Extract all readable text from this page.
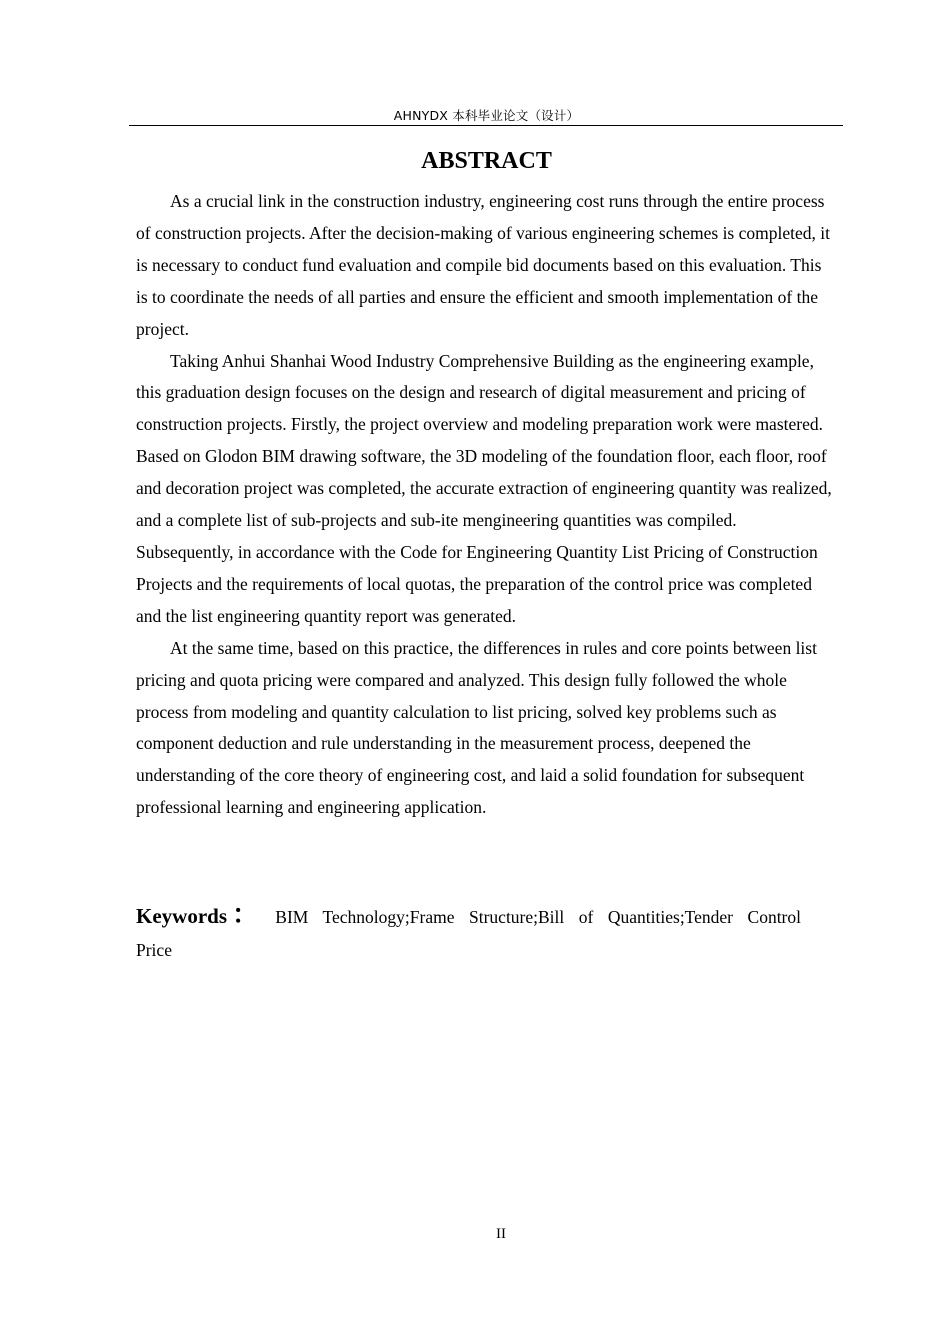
AHNYDX 本科毕业论文（设计）
ABSTRACT

As a crucial link in the construction industry, engineering cost runs through the entire process of construction projects. After the decision-making of various engineering schemes is completed, it is necessary to conduct fund evaluation and compile bid documents based on this evaluation. This is to coordinate the needs of all parties and ensure the efficient and smooth implementation of the project.

Taking Anhui Shanhai Wood Industry Comprehensive Building as the engineering example, this graduation design focuses on the design and research of digital measurement and pricing of construction projects. Firstly, the project overview and modeling preparation work were mastered. Based on Glodon BIM drawing software, the 3D modeling of the foundation floor, each floor, roof and decoration project was completed, the accurate extraction of engineering quantity was realized, and a complete list of sub-projects and sub-ite mengineering quantities was compiled. Subsequently, in accordance with the Code for Engineering Quantity List Pricing of Construction Projects and the requirements of local quotas, the preparation of the control price was completed and the list engineering quantity report was generated.

At the same time, based on this practice, the differences in rules and core points between list pricing and quota pricing were compared and analyzed. This design fully followed the whole process from modeling and quantity calculation to list pricing, solved key problems such as component deduction and rule understanding in the measurement process, deepened the understanding of the core theory of engineering cost, and laid a solid foundation for subsequent professional learning and engineering application.

Keywords： BIM Technology;Frame Structure;Bill of Quantities;Tender Control Price
II
